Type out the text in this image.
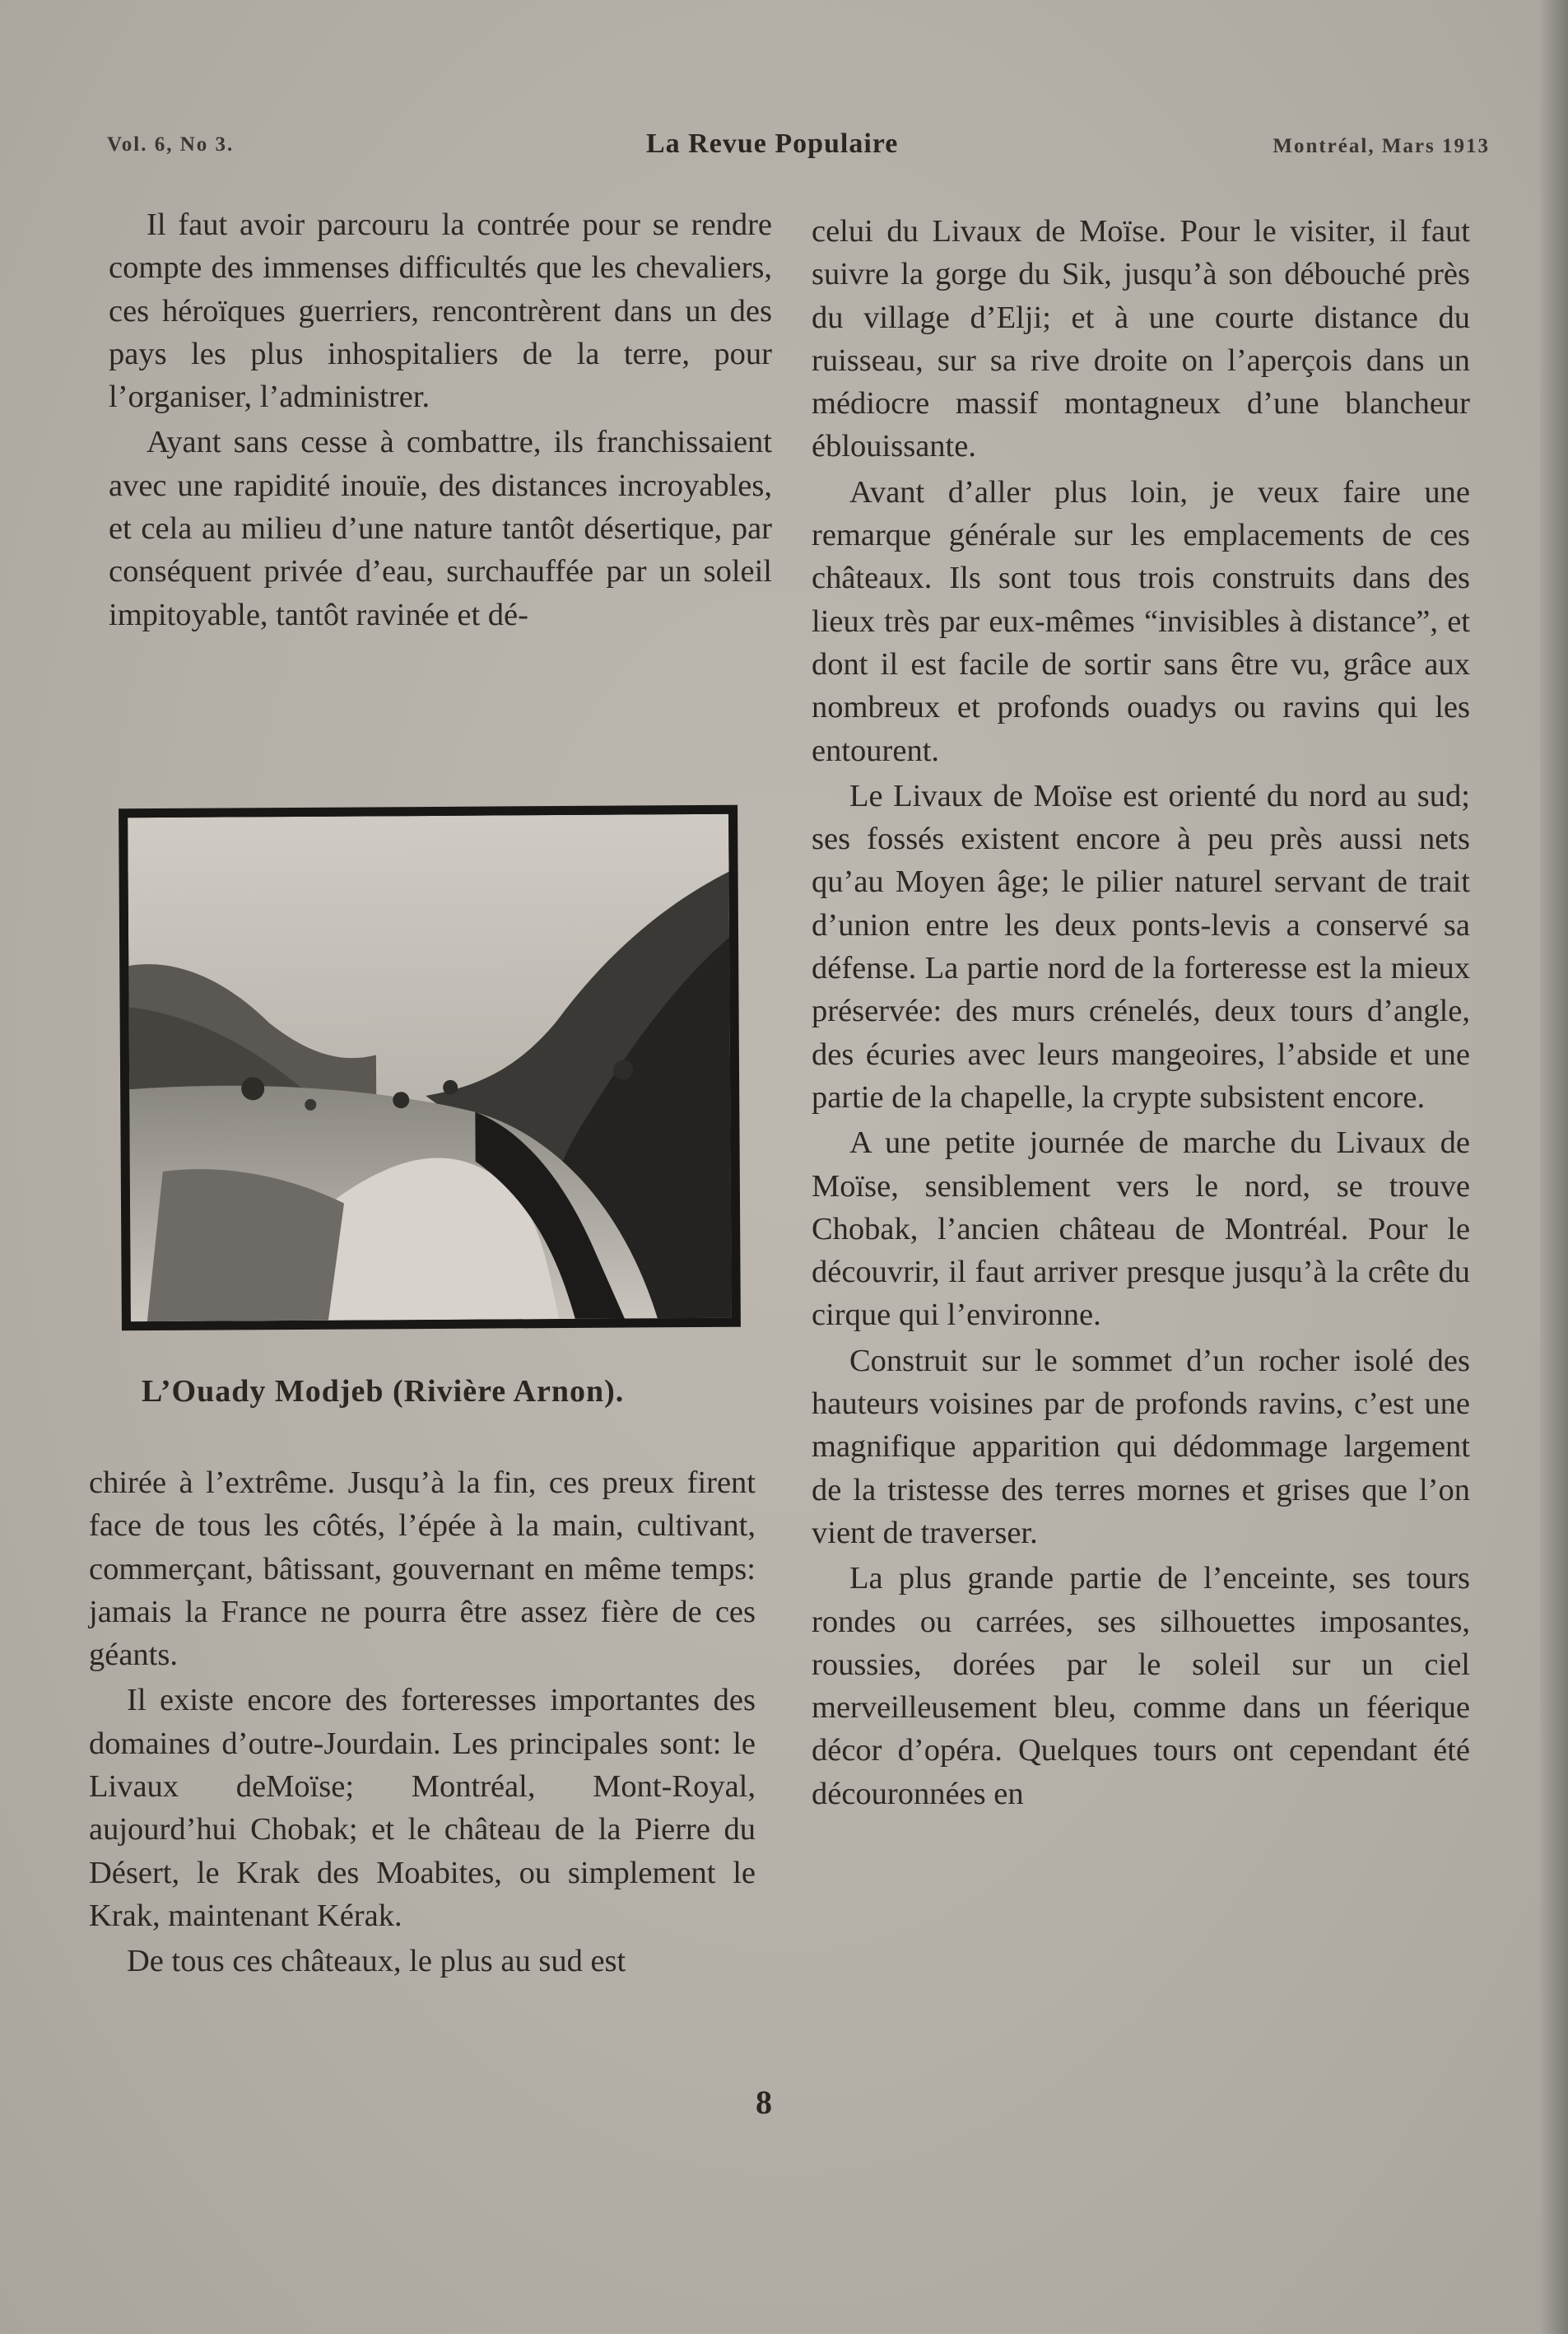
Vol. 6, No 3.	La Revue Populaire	Montréal, Mars 1913

Il faut avoir parcouru la contrée pour se rendre compte des immenses difficultés que les chevaliers, ces héroïques guerriers, rencontrèrent dans un des pays les plus inhospitaliers de la terre, pour l’organiser, l’administrer.

Ayant sans cesse à combattre, ils franchissaient avec une rapidité inouïe, des distances incroyables, et cela au milieu d’une nature tantôt désertique, par conséquent privée d’eau, surchauffée par un soleil impitoyable, tantôt ravinée et dé-

L’Ouady Modjeb (Rivière Arnon).

chirée à l’extrême. Jusqu’à la fin, ces preux firent face de tous les côtés, l’épée à la main, cultivant, commerçant, bâtissant, gouvernant en même temps: jamais la France ne pourra être assez fière de ces géants.

Il existe encore des forteresses importantes des domaines d’outre-Jourdain. Les principales sont: le Livaux deMoïse; Montréal, Mont-Royal, aujourd’hui Chobak; et le château de la Pierre du Désert, le Krak des Moabites, ou simplement le Krak, maintenant Kérak.

De tous ces châteaux, le plus au sud est

celui du Livaux de Moïse. Pour le visiter, il faut suivre la gorge du Sik, jusqu’à son débouché près du village d’Elji; et à une courte distance du ruisseau, sur sa rive droite on l’aperçois dans un médiocre massif montagneux d’une blancheur éblouissante.

Avant d’aller plus loin, je veux faire une remarque générale sur les emplacements de ces châteaux. Ils sont tous trois construits dans des lieux très par eux-mêmes “invisibles à distance”, et dont il est facile de sortir sans être vu, grâce aux nombreux et profonds ouadys ou ravins qui les entourent.

Le Livaux de Moïse est orienté du nord au sud; ses fossés existent encore à peu près aussi nets qu’au Moyen âge; le pilier naturel servant de trait d’union entre les deux ponts-levis a conservé sa défense. La partie nord de la forteresse est la mieux préservée: des murs crénelés, deux tours d’angle, des écuries avec leurs mangeoires, l’abside et une partie de la chapelle, la crypte subsistent encore.

A une petite journée de marche du Livaux de Moïse, sensiblement vers le nord, se trouve Chobak, l’ancien château de Montréal. Pour le découvrir, il faut arriver presque jusqu’à la crête du cirque qui l’environne.

Construit sur le sommet d’un rocher isolé des hauteurs voisines par de profonds ravins, c’est une magnifique apparition qui dédommage largement de la tristesse des terres mornes et grises que l’on vient de traverser.

La plus grande partie de l’enceinte, ses tours rondes ou carrées, ses silhouettes imposantes, roussies, dorées par le soleil sur un ciel merveilleusement bleu, comme dans un féerique décor d’opéra. Quelques tours ont cependant été découronnées en

8
